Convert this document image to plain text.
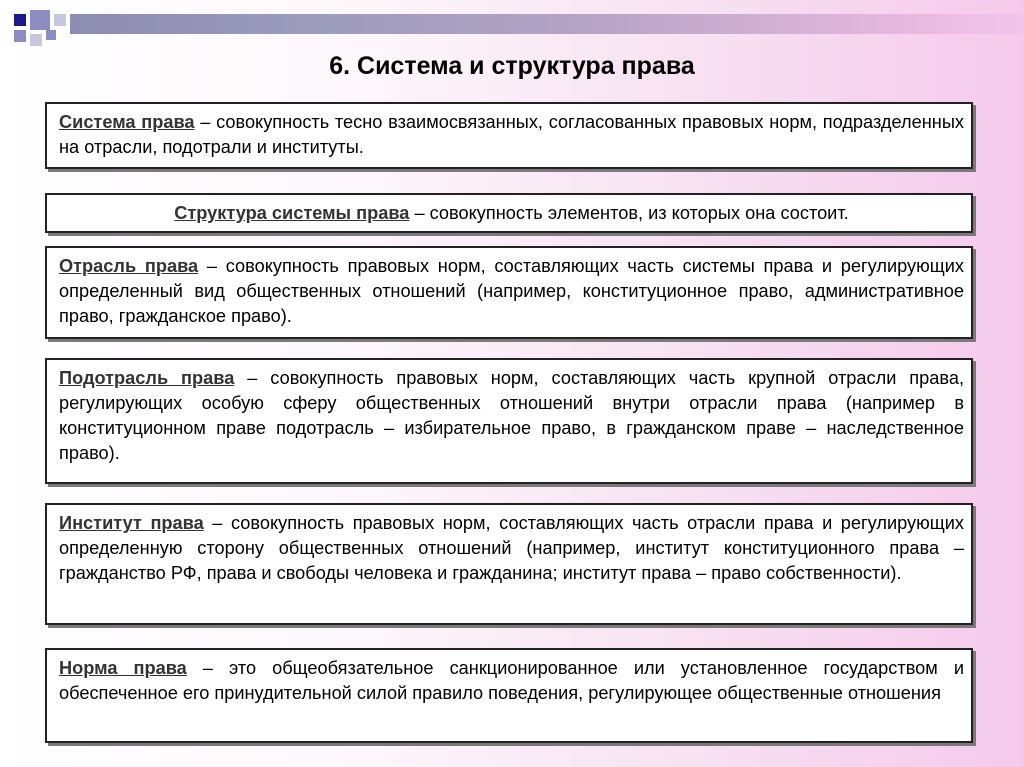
6. Система и структура права
Система права – совокупность тесно взаимосвязанных, согласованных правовых норм, подразделенных на отрасли, подотрали и институты.
Структура системы права – совокупность элементов, из которых она состоит.
Отрасль права – совокупность правовых норм, составляющих часть системы права и регулирующих определенный вид общественных отношений (например, конституционное право, административное право, гражданское право).
Подотрасль права – совокупность правовых норм, составляющих часть крупной отрасли права, регулирующих особую сферу общественных отношений внутри отрасли права (например в конституционном праве подотрасль – избирательное право, в гражданском праве – наследственное право).
Институт права – совокупность правовых норм, составляющих часть отрасли права и регулирующих определенную сторону общественных отношений (например, институт конституционного права – гражданство РФ, права и свободы человека и гражданина; институт права – право собственности).
Норма права – это общеобязательное санкционированное или установленное государством и обеспеченное его принудительной силой правило поведения, регулирующее общественные отношения
